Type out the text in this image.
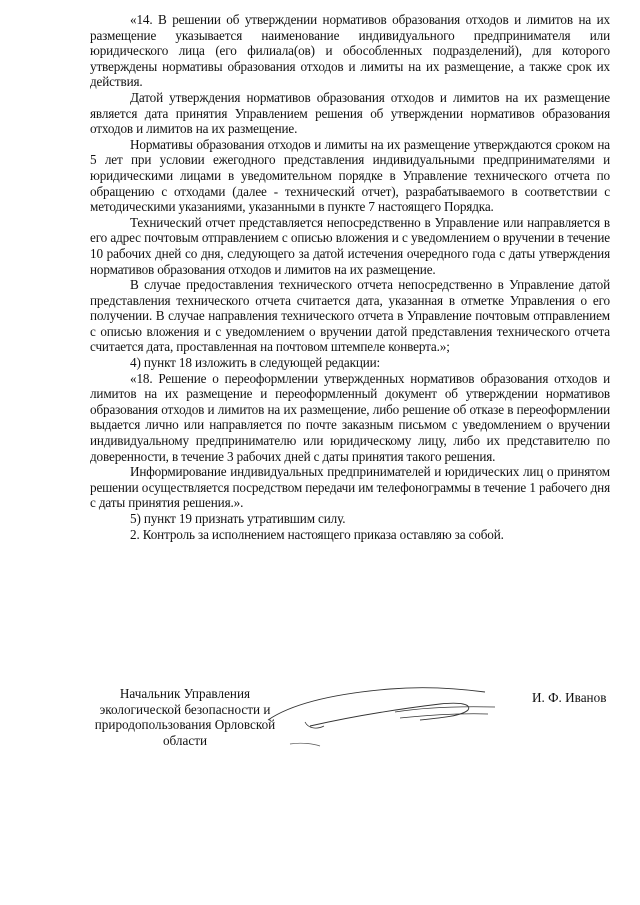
«14. В решении об утверждении нормативов образования отходов и лимитов на их размещение указывается наименование индивидуального предпринимателя или юридического лица (его филиала(ов) и обособленных подразделений), для которого утверждены нормативы образования отходов и лимиты на их размещение, а также срок их действия.

Датой утверждения нормативов образования отходов и лимитов на их размещение является дата принятия Управлением решения об утверждении нормативов образования отходов и лимитов на их размещение.

Нормативы образования отходов и лимиты на их размещение утверждаются сроком на 5 лет при условии ежегодного представления индивидуальными предпринимателями и юридическими лицами в уведомительном порядке в Управление технического отчета по обращению с отходами (далее - технический отчет), разрабатываемого в соответствии с методическими указаниями, указанными в пункте 7 настоящего Порядка.

Технический отчет представляется непосредственно в Управление или направляется в его адрес почтовым отправлением с описью вложения и с уведомлением о вручении в течение 10 рабочих дней со дня, следующего за датой истечения очередного года с даты утверждения нормативов образования отходов и лимитов на их размещение.

В случае предоставления технического отчета непосредственно в Управление датой представления технического отчета считается дата, указанная в отметке Управления о его получении. В случае направления технического отчета в Управление почтовым отправлением с описью вложения и с уведомлением о вручении датой представления технического отчета считается дата, проставленная на почтовом штемпеле конверта.»;

4) пункт 18 изложить в следующей редакции:

«18. Решение о переоформлении утвержденных нормативов образования отходов и лимитов на их размещение и переоформленный документ об утверждении нормативов образования отходов и лимитов на их размещение, либо решение об отказе в переоформлении выдается лично или направляется по почте заказным письмом с уведомлением о вручении индивидуальному предпринимателю или юридическому лицу, либо их представителю по доверенности, в течение 3 рабочих дней с даты принятия такого решения.

Информирование индивидуальных предпринимателей и юридических лиц о принятом решении осуществляется посредством передачи им телефонограммы в течение 1 рабочего дня с даты принятия решения.».

5) пункт 19 признать утратившим силу.

2. Контроль за исполнением настоящего приказа оставляю за собой.

Начальник Управления
экологической безопасности и
природопользования Орловской
области
И. Ф. Иванов
